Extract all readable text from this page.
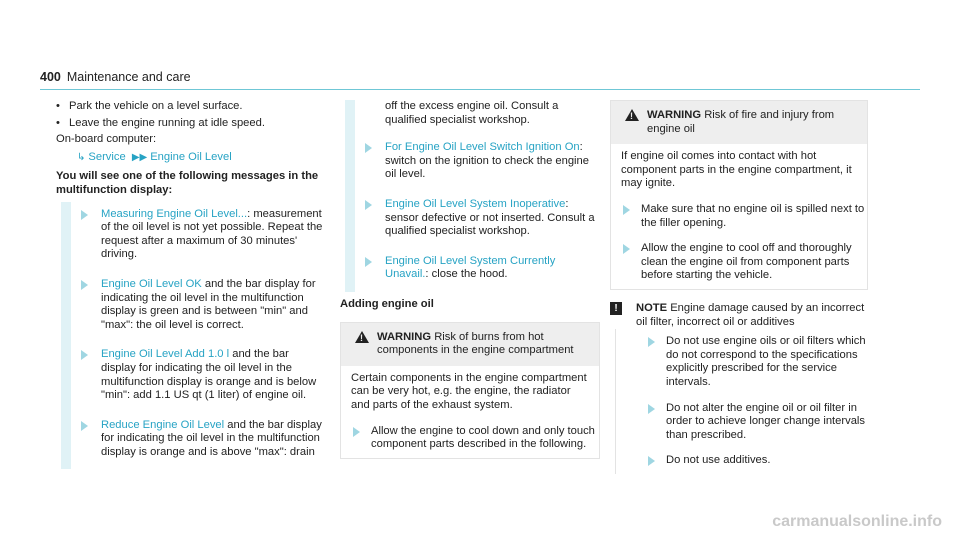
400 Maintenance and care
• Park the vehicle on a level surface.
• Leave the engine running at idle speed.
On-board computer:
↳ Service ▶▶ Engine Oil Level
You will see one of the following messages in the multifunction display:
Measuring Engine Oil Level...: measurement of the oil level is not yet possible. Repeat the request after a maximum of 30 minutes' driving.
Engine Oil Level OK and the bar display for indicating the oil level in the multifunction display is green and is between "min" and "max": the oil level is correct.
Engine Oil Level Add 1.0 l and the bar display for indicating the oil level in the multifunction display is orange and is below "min": add 1.1 US qt (1 liter) of engine oil.
Reduce Engine Oil Level and the bar display for indicating the oil level in the multifunction display is orange and is above "max": drain
off the excess engine oil. Consult a qualified specialist workshop.
For Engine Oil Level Switch Ignition On: switch on the ignition to check the engine oil level.
Engine Oil Level System Inoperative: sensor defective or not inserted. Consult a qualified specialist workshop.
Engine Oil Level System Currently Unavail.: close the hood.
Adding engine oil
!
WARNING Risk of burns from hot components in the engine compartment
Certain components in the engine compartment can be very hot, e.g. the engine, the radiator and parts of the exhaust system.
Allow the engine to cool down and only touch component parts described in the following.
!
WARNING Risk of fire and injury from engine oil
If engine oil comes into contact with hot component parts in the engine compartment, it may ignite.
Make sure that no engine oil is spilled next to the filler opening.
Allow the engine to cool off and thoroughly clean the engine oil from component parts before starting the vehicle.
!	NOTE Engine damage caused by an incorrect oil filter, incorrect oil or additives
Do not use engine oils or oil filters which do not correspond to the specifications explicitly prescribed for the service intervals.
Do not alter the engine oil or oil filter in order to achieve longer change intervals than prescribed.
Do not use additives.
carmanualsonline.info
